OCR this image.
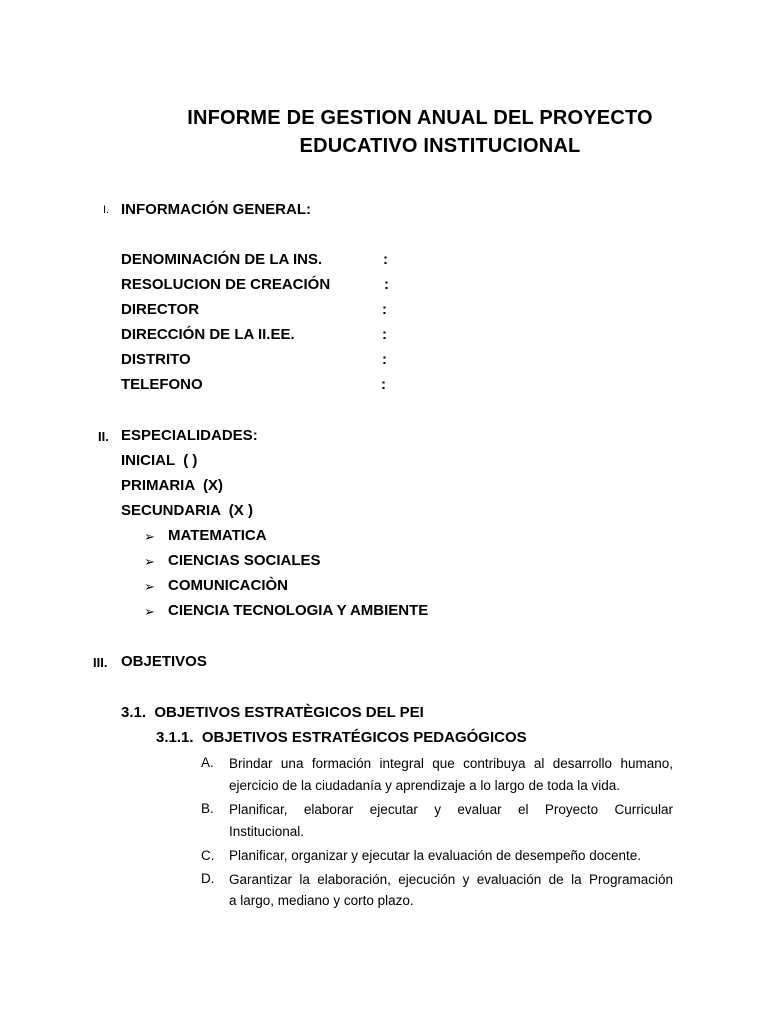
INFORME DE GESTION ANUAL DEL PROYECTO
EDUCATIVO INSTITUCIONAL
I. INFORMACIÓN GENERAL:
DENOMINACIÓN DE LA INS.	:
RESOLUCION DE CREACIÓN	:
DIRECTOR	:
DIRECCIÓN DE LA II.EE.	:
DISTRITO	:
TELEFONO	:
II. ESPECIALIDADES:
INICIAL  ( )
PRIMARIA  (X)
SECUNDARIA  (X )
➢ MATEMATICA
➢ CIENCIAS SOCIALES
➢ COMUNICACIÒN
➢ CIENCIA TECNOLOGIA Y AMBIENTE
III. OBJETIVOS
3.1.  OBJETIVOS ESTRATÈGICOS DEL PEI
3.1.1.  OBJETIVOS ESTRATÉGICOS PEDAGÓGICOS
A. Brindar una formación integral que contribuya al desarrollo humano,
ejercicio de la ciudadanía y aprendizaje a lo largo de toda la vida.
B. Planificar, elaborar ejecutar y evaluar el Proyecto Curricular
Institucional.
C. Planificar, organizar y ejecutar la evaluación de desempeño docente.
D. Garantizar la elaboración, ejecución y evaluación de la Programación
a largo, mediano y corto plazo.
